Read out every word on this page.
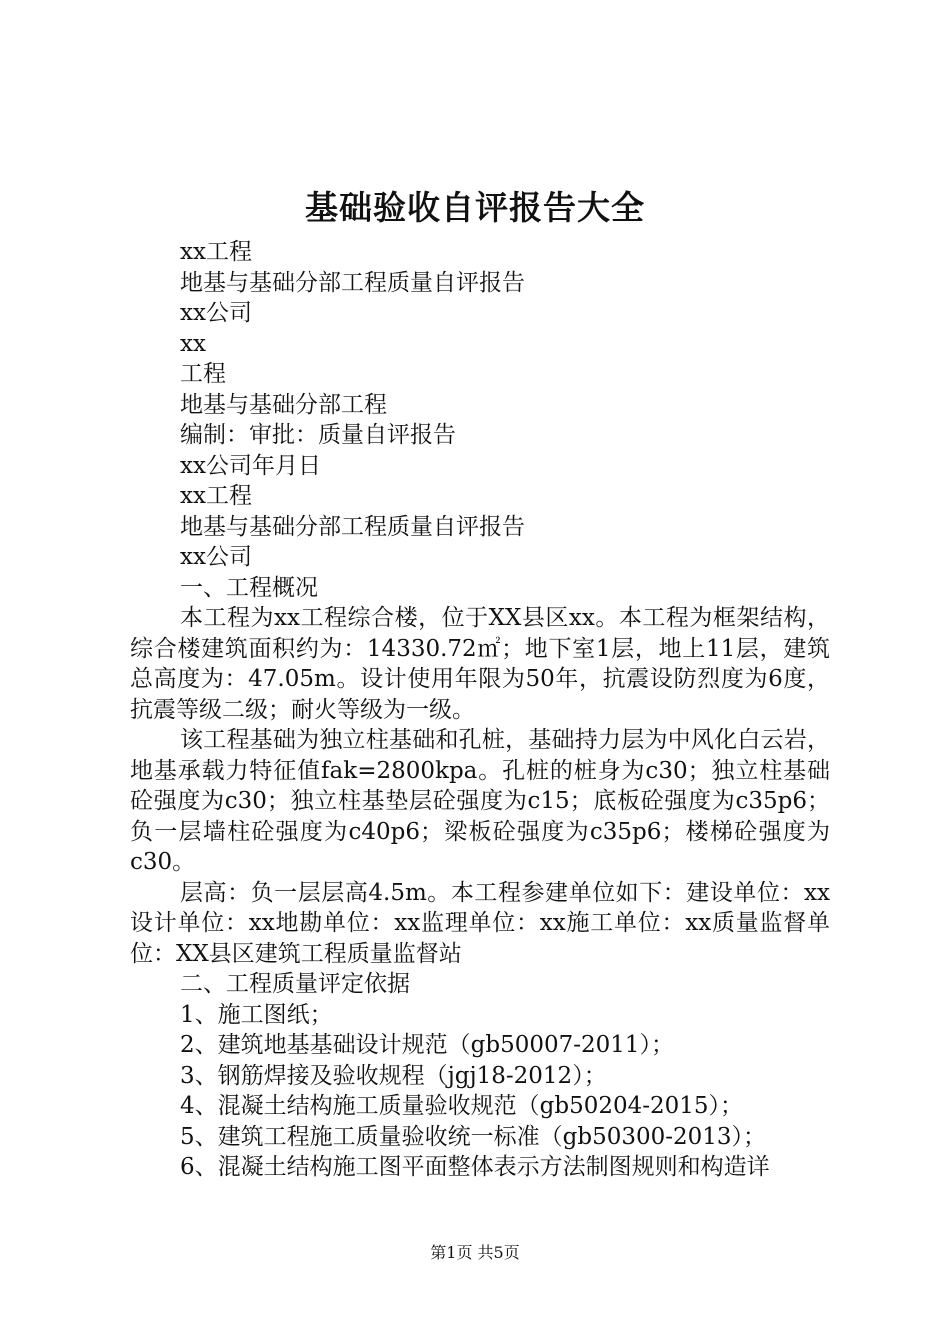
基础验收自评报告大全

xx工程

地基与基础分部工程质量自评报告

xx公司

xx

工程

地基与基础分部工程

编制：审批：质量自评报告

xx公司年月日

xx工程

地基与基础分部工程质量自评报告

xx公司

一、工程概况

本工程为xx工程综合楼，位于XX县区xx。本工程为框架结构，综合楼建筑面积约为：14330.72㎡；地下室1层，地上11层，建筑总高度为：47.05m。设计使用年限为50年，抗震设防烈度为6度，抗震等级二级；耐火等级为一级。

该工程基础为独立柱基础和孔桩，基础持力层为中风化白云岩，地基承载力特征值fak=2800kpa。孔桩的桩身为c30；独立柱基础砼强度为c30；独立柱基垫层砼强度为c15；底板砼强度为c35p6；负一层墙柱砼强度为c40p6；梁板砼强度为c35p6；楼梯砼强度为c30。

层高：负一层层高4.5m。本工程参建单位如下：建设单位：xx设计单位：xx地勘单位：xx监理单位：xx施工单位：xx质量监督单位：XX县区建筑工程质量监督站

二、工程质量评定依据

1、施工图纸；

2、建筑地基基础设计规范（gb50007-2011）；

3、钢筋焊接及验收规程（jgj18-2012）；

4、混凝土结构施工质量验收规范（gb50204-2015）；

5、建筑工程施工质量验收统一标准（gb50300-2013）；

6、混凝土结构施工图平面整体表示方法制图规则和构造详

第1页 共5页
